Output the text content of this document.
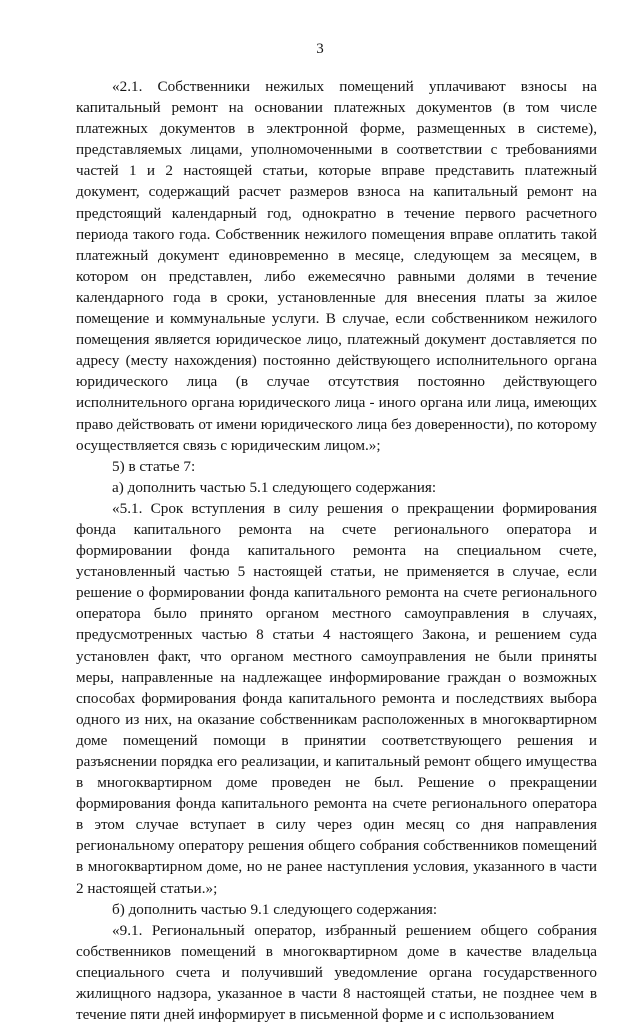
3

«2.1. Собственники нежилых помещений уплачивают взносы на капитальный ремонт на основании платежных документов (в том числе платежных документов в электронной форме, размещенных в системе), представляемых лицами, уполномоченными в соответствии с требованиями частей 1 и 2 настоящей статьи, которые вправе представить платежный документ, содержащий расчет размеров взноса на капитальный ремонт на предстоящий календарный год, однократно в течение первого расчетного периода такого года. Собственник нежилого помещения вправе оплатить такой платежный документ единовременно в месяце, следующем за месяцем, в котором он представлен, либо ежемесячно равными долями в течение календарного года в сроки, установленные для внесения платы за жилое помещение и коммунальные услуги. В случае, если собственником нежилого помещения является юридическое лицо, платежный документ доставляется по адресу (месту нахождения) постоянно действующего исполнительного органа юридического лица (в случае отсутствия постоянно действующего исполнительного органа юридического лица - иного органа или лица, имеющих право действовать от имени юридического лица без доверенности), по которому осуществляется связь с юридическим лицом.»;

5) в статье 7:

а) дополнить частью 5.1 следующего содержания:

«5.1. Срок вступления в силу решения о прекращении формирования фонда капитального ремонта на счете регионального оператора и формировании фонда капитального ремонта на специальном счете, установленный частью 5 настоящей статьи, не применяется в случае, если решение о формировании фонда капитального ремонта на счете регионального оператора было принято органом местного самоуправления в случаях, предусмотренных частью 8 статьи 4 настоящего Закона, и решением суда установлен факт, что органом местного самоуправления не были приняты меры, направленные на надлежащее информирование граждан о возможных способах формирования фонда капитального ремонта и последствиях выбора одного из них, на оказание собственникам расположенных в многоквартирном доме помещений помощи в принятии соответствующего решения и разъяснении порядка его реализации, и капитальный ремонт общего имущества в многоквартирном доме проведен не был. Решение о прекращении формирования фонда капитального ремонта на счете регионального оператора в этом случае вступает в силу через один месяц со дня направления региональному оператору решения общего собрания собственников помещений в многоквартирном доме, но не ранее наступления условия, указанного в части 2 настоящей статьи.»;

б) дополнить частью 9.1 следующего содержания:

«9.1. Региональный оператор, избранный решением общего собрания собственников помещений в многоквартирном доме в качестве владельца специального счета и получивший уведомление органа государственного жилищного надзора, указанное в части 8 настоящей статьи, не позднее чем в течение пяти дней информирует в письменной форме и с использованием
